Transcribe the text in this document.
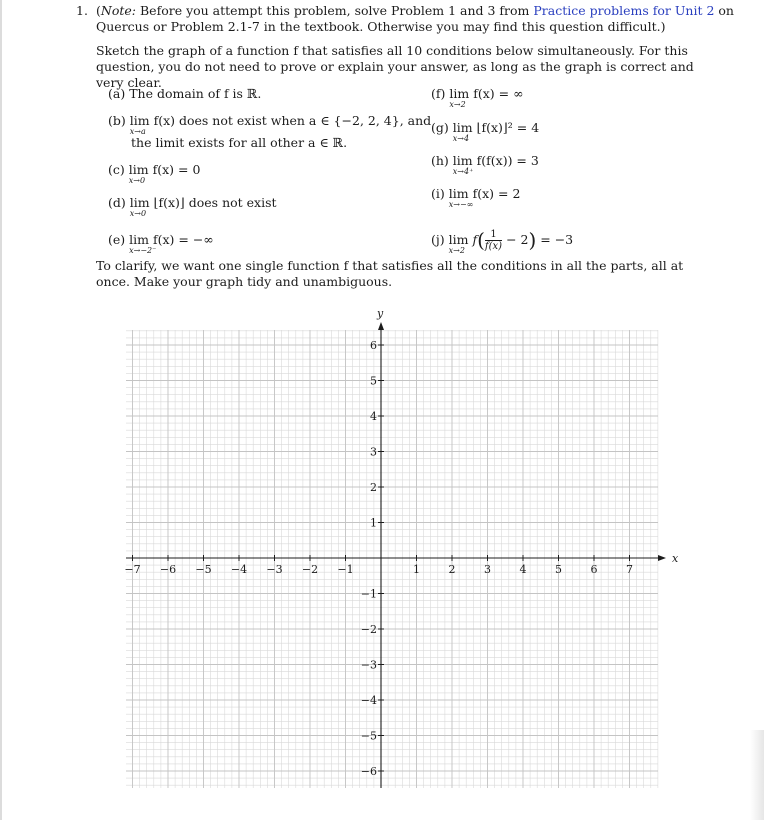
1. (Note: Before you attempt this problem, solve Problem 1 and 3 from Practice problems for Unit 2 on
Quercus or Problem 2.1-7 in the textbook. Otherwise you may find this question difficult.)
Sketch the graph of a function f that satisfies all 10 conditions below simultaneously. For this question, you do not need to prove or explain your answer, as long as the graph is correct and very clear.
(a) The domain of f is ℝ.
(b) lim
x→a
f(x) does not exist when a ∈ {−2, 2, 4}, and
the limit exists for all other a ∈ ℝ.
(c) lim
x→0
f(x) = 0
(d) lim
x→0
⌊f(x)⌋ does not exist
(e) lim
x→−2⁻
f(x) = −∞
(f) lim
x→2
f(x) = ∞
(g) lim
x→4
⌊f(x)⌋² = 4
(h) lim
x→4⁺
f(f(x)) = 3
(i) lim
x→−∞
f(x) = 2
(j) lim
x→2
$f( \frac{1}{f(x)} - 2) = -3$
To clarify, we want one single function f that satisfies all the conditions in all the parts, all at once. Make your graph tidy and unambiguous.
x
y
−7 −6 −5 −4 −3 −2 −1	1	2	3	4	5	6	7
6
5
4
3
2
1
−1
−2
−3
−4
−5
−6
